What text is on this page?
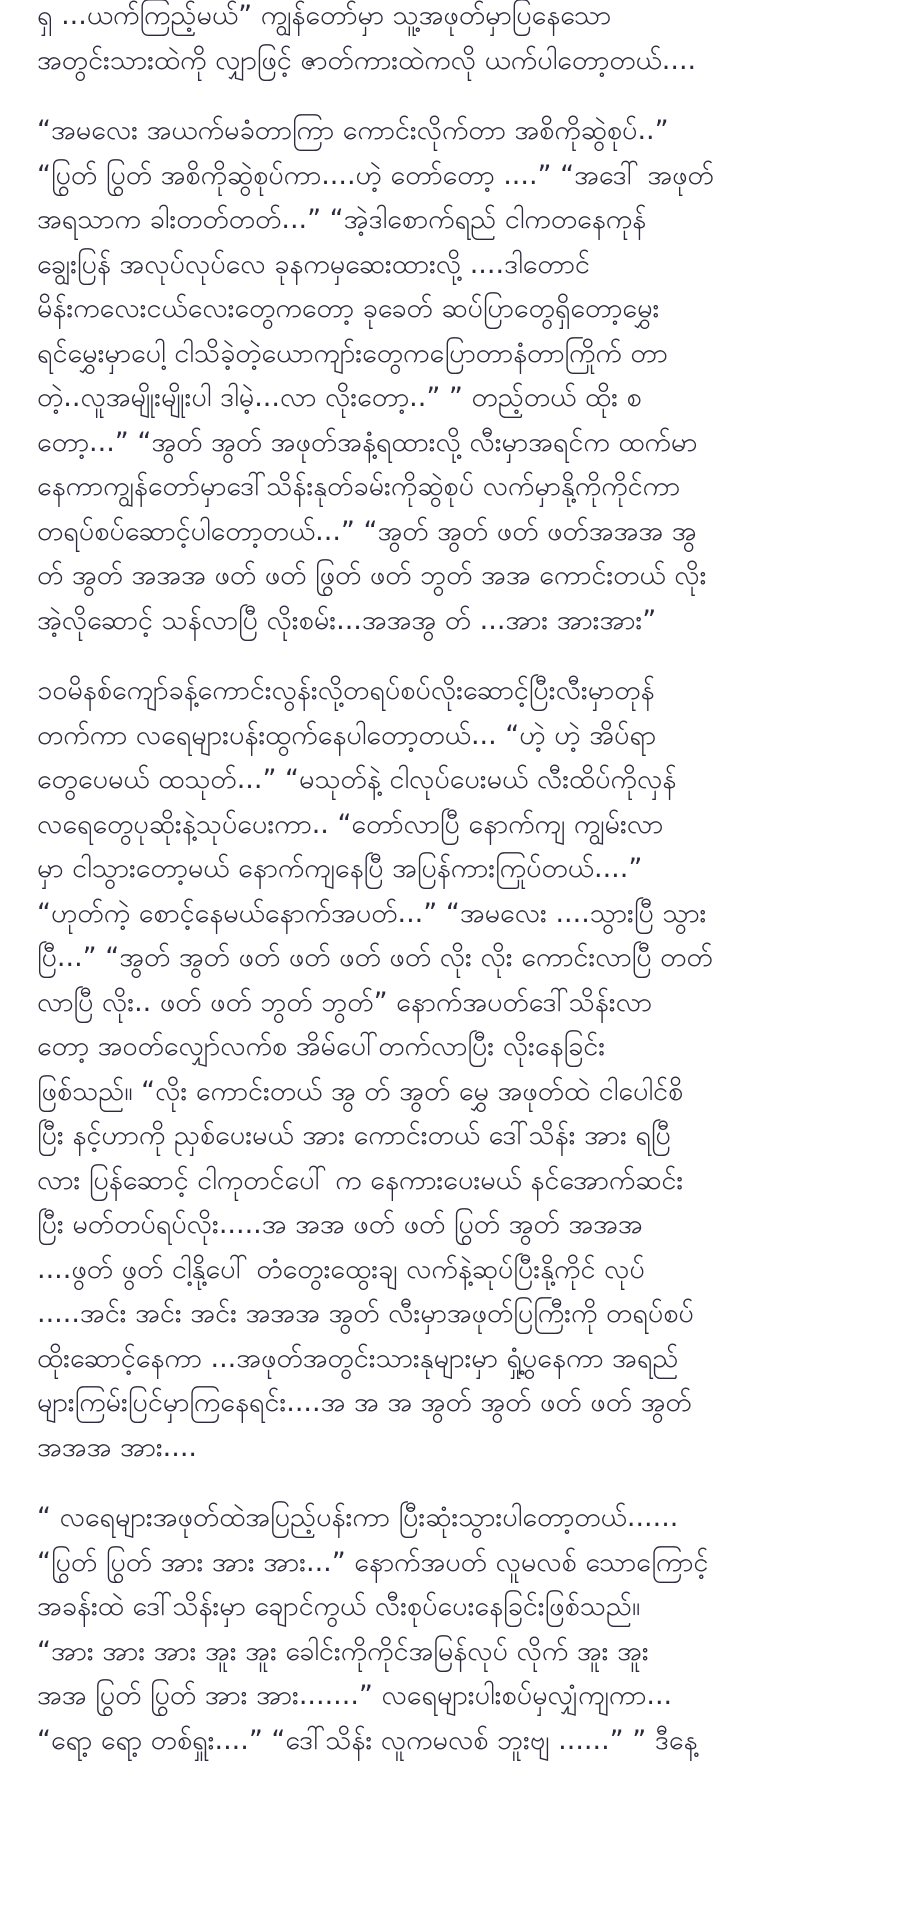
ရှ ...ယက်ကြည့်မယ်” ကျွန်တော်မှာ သူ့အဖုတ်မှာပြနေသော
အတွင်းသားထဲကို လျှာဖြင့် ဇာတ်ကားထဲကလို ယက်ပါတော့တယ်....
“အမလေး အယက်မခံတာကြာ ကောင်းလိုက်တာ အစိကိုဆွဲစုပ်..”
“ပြွတ် ပြွတ် အစိကိုဆွဲစုပ်ကာ....ဟဲ့ တော်တော့ ....” “အဒေါ် အဖုတ်
အရသာက ခါးတတ်တတ်...” “အဲ့ဒါစောက်ရည် ငါကတနေကုန်
ချွေးပြန် အလုပ်လုပ်လေ ခုနကမှဆေးထားလို့ ....ဒါတောင်
မိန်းကလေးငယ်လေးတွေကတော့ ခုခေတ် ဆပ်ပြာတွေရှိတော့မွှေး
ရင်မွှေးမှာပေါ့ ငါသိခဲ့တဲ့ယောကျာ်းတွေကပြောတာနံတာကြိုက် တာ
တဲ့..လူအမျိုးမျိုးပါ ဒါမဲ့...လာ လိုးတော့..” ” တည့်တယ် ထိုး စ
တော့...” “အွတ် အွတ် အဖုတ်အနံ့ရထားလို့ လီးမှာအရင်က ထက်မာ
နေကာကျွန်တော်မှာဒေါ်သိန်းနုတ်ခမ်းကိုဆွဲစုပ် လက်မှာနို့ကိုကိုင်ကာ
တရပ်စပ်ဆောင့်ပါတော့တယ်...” “အွတ် အွတ် ဖတ် ဖတ်အအအ အွ
တ် အွတ် အအအ ဖတ် ဖတ် ဖြွတ် ဖတ် ဘွတ် အအ ကောင်းတယ် လိုး
အဲ့လိုဆောင့် သန်လာပြီ လိုးစမ်း...အအအွ တ် ...အား အားအား”
၁၀မိနစ်ကျော်ခန့်ကောင်းလွန်းလို့တရပ်စပ်လိုးဆောင့်ပြီးလီးမှာတုန်
တက်ကာ လရေများပန်းထွက်နေပါတော့တယ်... “ဟဲ့ ဟဲ့ အိပ်ရာ
တွေပေမယ် ထသုတ်...” “မသုတ်နဲ့ ငါလုပ်ပေးမယ် လီးထိပ်ကိုလှန်
လရေတွေပုဆိုးနဲ့သုပ်ပေးကာ.. “တော်လာပြီ နောက်ကျ ကျွမ်းလာ
မှာ ငါသွားတော့မယ် နောက်ကျနေပြီ အပြန်ကားကြုပ်တယ်....”
“ဟုတ်ကဲ့ စောင့်နေမယ်နောက်အပတ်...” “အမလေး ....သွားပြီ သွား
ပြီ...” “အွတ် အွတ် ဖတ် ဖတ် ဖတ် ဖတ် လိုး လိုး ကောင်းလာပြီ တတ်
လာပြီ လိုး.. ဖတ် ဖတ် ဘွတ် ဘွတ်” နောက်အပတ်ဒေါ်သိန်းလာ
တော့ အဝတ်လျှော်လက်စ အိမ်ပေါ်တက်လာပြီး လိုးနေခြင်း
ဖြစ်သည်။ “လိုး ကောင်းတယ် အွ တ် အွတ် မွှေ အဖုတ်ထဲ ငါပေါင်စိ
ပြီး နင့်ဟာကို ညှစ်ပေးမယ် အား ကောင်းတယ် ဒေါ်သိန်း အား ရပြီ
လား ပြန်ဆောင့် ငါကုတင်ပေါ် က နေကားပေးမယ် နင်အောက်ဆင်း
ပြီး မတ်တပ်ရပ်လိုး.....အ အအ ဖတ် ဖတ် ပြွတ် အွတ် အအအ
....ဖွတ် ဖွတ် ငါ့နို့ပေါ် တံတွေးထွေးချ လက်နဲ့ဆုပ်ပြီးနို့ကိုင် လုပ်
.....အင်း အင်း အင်း အအအ အွတ် လီးမှာအဖုတ်ပြကြီးကို တရပ်စပ်
ထိုးဆောင့်နေကာ ...အဖုတ်အတွင်းသားနုများမှာ ရှုံ့ပွနေကာ အရည်
များကြမ်းပြင်မှာကြနေရင်း....အ အ အ အွတ် အွတ် ဖတ် ဖတ် အွတ်
အအအ အား....
“ လရေများအဖုတ်ထဲအပြည့်ပန်းကာ ပြီးဆုံးသွားပါတော့တယ်......
“ပြွတ် ပြွတ် အား အား အား...” နောက်အပတ် လူမလစ် သောကြောင့်
အခန်းထဲ ဒေါ်သိန်းမှာ ချောင်ကွယ် လီးစုပ်ပေးနေခြင်းဖြစ်သည်။
“အား အား အား အူး အူး ခေါင်းကိုကိုင်အမြန်လုပ် လိုက် အူး အူး
အအ ပြွတ် ပြွတ် အား အား.......” လရေများပါးစပ်မှလျှံကျကာ...
“ရော့ ရော့ တစ်ရှူး....” “ဒေါ်သိန်း လူကမလစ် ဘူးဗျ ......” ” ဒီနေ့
